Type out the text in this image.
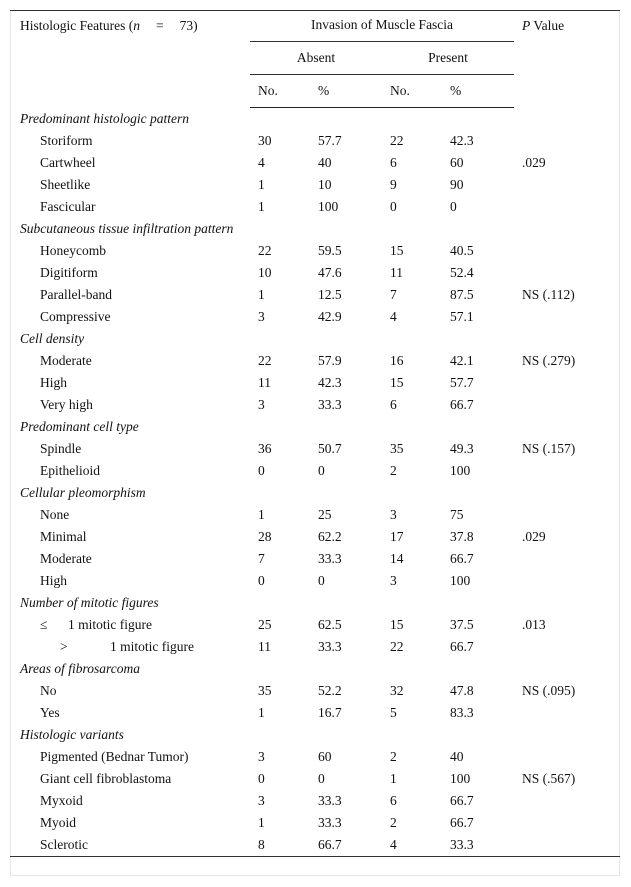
Histologic Features (n = 73)	Invasion of Muscle Fascia				P Value
	Absent		Present		
	No.	%	No.	%	
Predominant histologic pattern					
Storiform	30	57.7	22	42.3	
Cartwheel	4	40	6	60	.029
Sheetlike	1	10	9	90	
Fascicular	1	100	0	0	
Subcutaneous tissue infiltration pattern					
Honeycomb	22	59.5	15	40.5	
Digitiform	10	47.6	11	52.4	
Parallel-band	1	12.5	7	87.5	NS (.112)
Compressive	3	42.9	4	57.1	
Cell density					
Moderate	22	57.9	16	42.1	NS (.279)
High	11	42.3	15	57.7	
Very high	3	33.3	6	66.7	
Predominant cell type					
Spindle	36	50.7	35	49.3	NS (.157)
Epithelioid	0	0	2	100	
Cellular pleomorphism					
None	1	25	3	75	
Minimal	28	62.2	17	37.8	.029
Moderate	7	33.3	14	66.7	
High	0	0	3	100	
Number of mitotic figures					
≤ 1 mitotic figure	25	62.5	15	37.5	.013
> 1 mitotic figure	11	33.3	22	66.7	
Areas of fibrosarcoma					
No	35	52.2	32	47.8	NS (.095)
Yes	1	16.7	5	83.3	
Histologic variants					
Pigmented (Bednar Tumor)	3	60	2	40	
Giant cell fibroblastoma	0	0	1	100	NS (.567)
Myxoid	3	33.3	6	66.7	
Myoid	1	33.3	2	66.7	
Sclerotic	8	66.7	4	33.3	
